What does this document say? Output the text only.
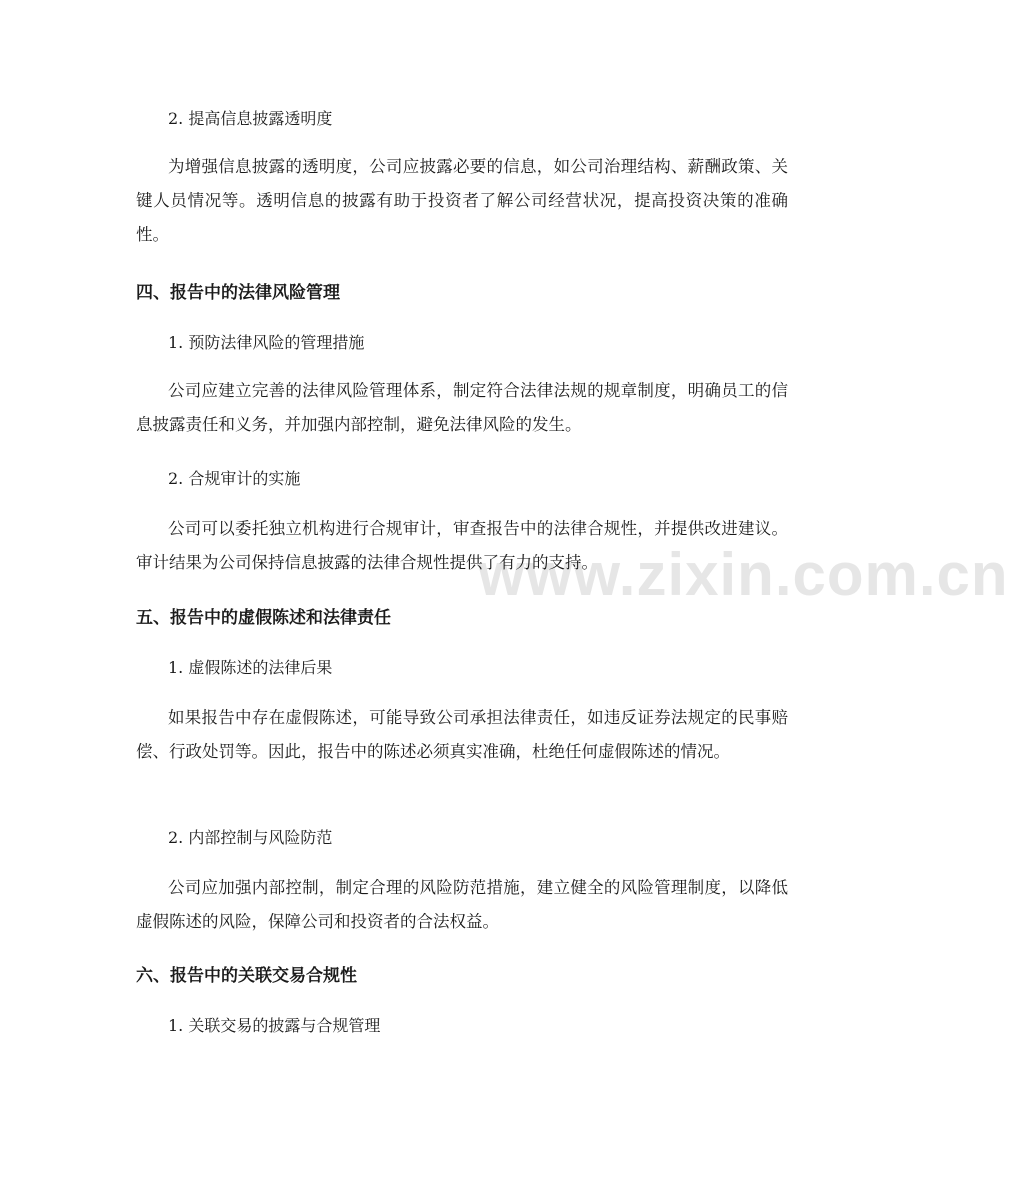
www.zixin.com.cn
2. 提高信息披露透明度
为增强信息披露的透明度，公司应披露必要的信息，如公司治理结构、薪酬政策、关键人员情况等。透明信息的披露有助于投资者了解公司经营状况，提高投资决策的准确性。
四、报告中的法律风险管理
1. 预防法律风险的管理措施
公司应建立完善的法律风险管理体系，制定符合法律法规的规章制度，明确员工的信息披露责任和义务，并加强内部控制，避免法律风险的发生。
2. 合规审计的实施
公司可以委托独立机构进行合规审计，审查报告中的法律合规性，并提供改进建议。审计结果为公司保持信息披露的法律合规性提供了有力的支持。
五、报告中的虚假陈述和法律责任
1. 虚假陈述的法律后果
如果报告中存在虚假陈述，可能导致公司承担法律责任，如违反证券法规定的民事赔偿、行政处罚等。因此，报告中的陈述必须真实准确，杜绝任何虚假陈述的情况。
2. 内部控制与风险防范
公司应加强内部控制，制定合理的风险防范措施，建立健全的风险管理制度，以降低虚假陈述的风险，保障公司和投资者的合法权益。
六、报告中的关联交易合规性
1. 关联交易的披露与合规管理
